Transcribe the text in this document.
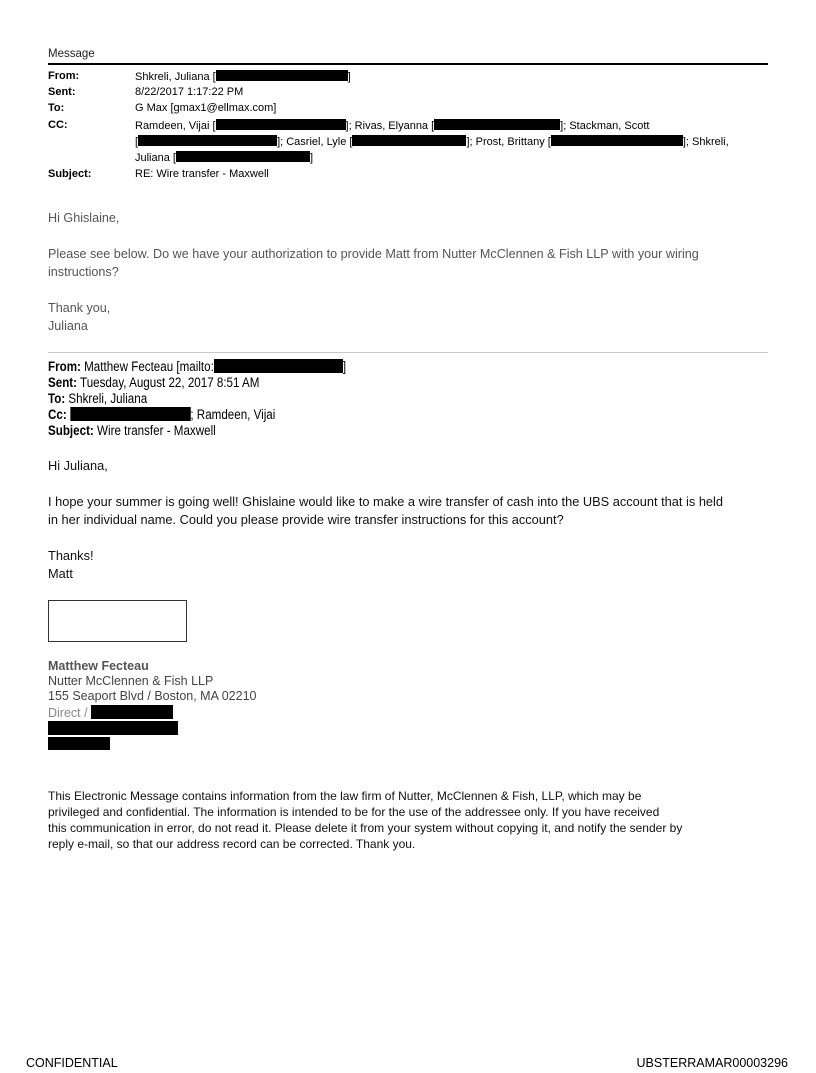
Message
From:	Shkreli, Juliana [	]
Sent:	8/22/2017 1:17:22 PM
To:	G Max [gmax1@ellmax.com]
CC:	Ramdeen, Vijai [	]; Rivas, Elyanna [	]; Stackman, Scott
[	]; Casriel, Lyle [	]; Prost, Brittany [	]; Shkreli,
Juliana [	]
Subject:	RE: Wire transfer - Maxwell
Hi Ghislaine,
Please see below. Do we have your authorization to provide Matt from Nutter McClennen & Fish LLP with your wiring
instructions?
Thank you,
Juliana
From: Matthew Fecteau [mailto:	]
Sent: Tuesday, August 22, 2017 8:51 AM
To: Shkreli, Juliana
Cc:	; Ramdeen, Vijai
Subject: Wire transfer - Maxwell
Hi Juliana,
I hope your summer is going well! Ghislaine would like to make a wire transfer of cash into the UBS account that is held
in her individual name. Could you please provide wire transfer instructions for this account?
Thanks!
Matt
Matthew Fecteau
Nutter McClennen & Fish LLP
155 Seaport Blvd / Boston, MA 02210
Direct /
This Electronic Message contains information from the law firm of Nutter, McClennen & Fish, LLP, which may be
privileged and confidential. The information is intended to be for the use of the addressee only. If you have received
this communication in error, do not read it. Please delete it from your system without copying it, and notify the sender by
reply e-mail, so that our address record can be corrected. Thank you.
CONFIDENTIAL	UBSTERRAMAR00003296
